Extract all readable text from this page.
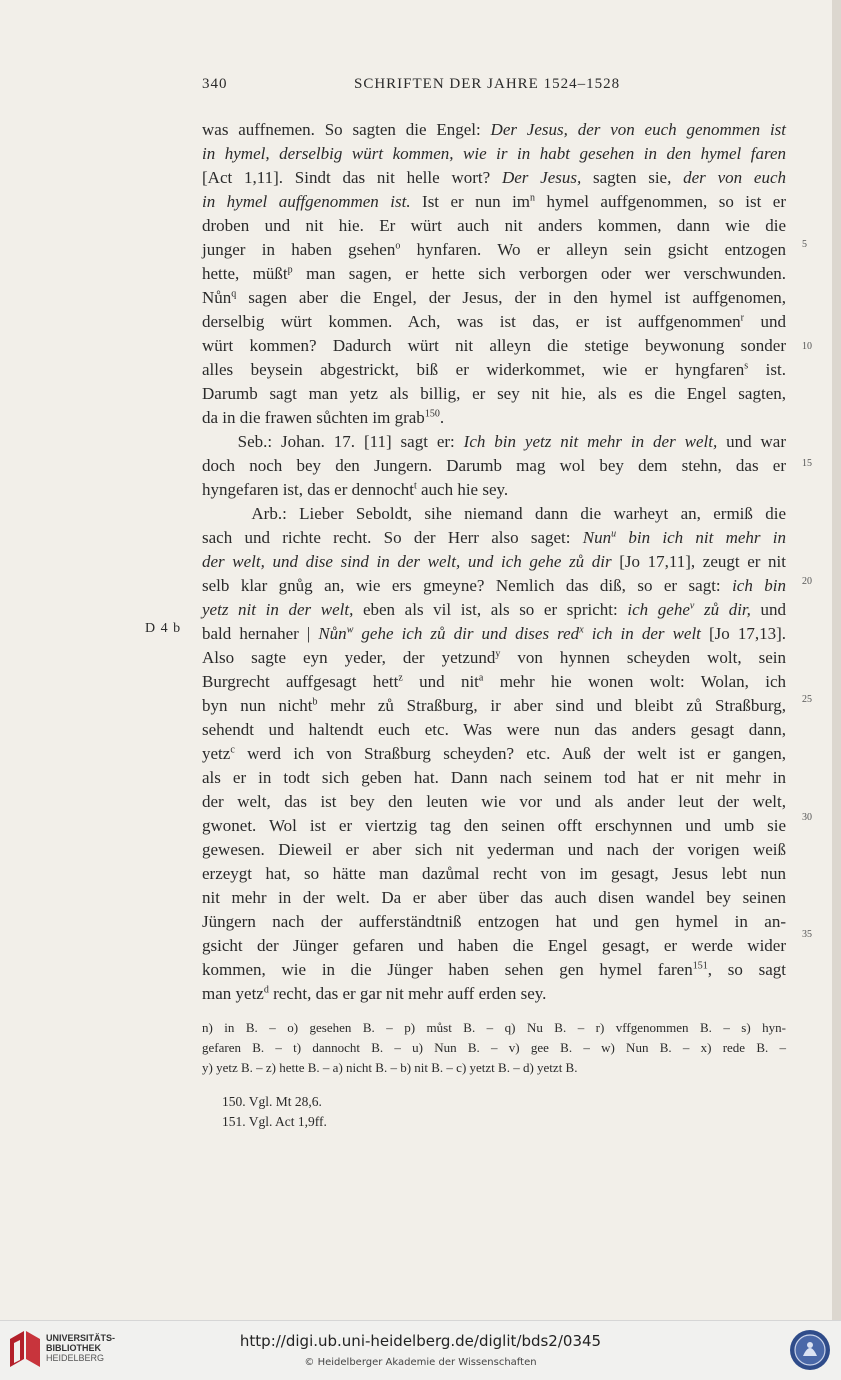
340	SCHRIFTEN DER JAHRE 1524–1528
was auffnemen. So sagten die Engel: Der Jesus, der von euch genommen ist
in hymel, derselbig würt kommen, wie ir in habt gesehen in den hymel faren
[Act 1,11]. Sindt das nit helle wort? Der Jesus, sagten sie, der von euch
in hymel auffgenommen ist. Ist er nun $im^n$ hymel auffgenommen, so ist er
droben und nit hie. Er würt auch nit anders kommen, dann wie die
junger in haben gsehen$^o$ hynfaren. Wo er alleyn sein gsicht entzogen
hette, müßt$^p$ man sagen, er hette sich verborgen oder wer verschwunden.
Nůn$^q$ sagen aber die Engel, der Jesus, der in den hymel ist auffgenomen,
derselbig würt kommen. Ach, was ist das, er ist auffgenommen$^r$ und
würt kommen? Dadurch würt nit alleyn die stetige beywonung sonder
alles beysein abgestrickt, biß er widerkommet, wie er hyngfaren$^s$ ist.
Darumb sagt man yetz als billig, er sey nit hie, als es die Engel sagten,
da in die frawen sůchten im grab$^{150}$.
Seb.: Johan. 17. [11] sagt er: Ich bin yetz nit mehr in der welt, und war
doch noch bey den Jungern. Darumb mag wol bey dem stehn, das er
hyngefaren ist, das er dennocht$^t$ auch hie sey.
Arb.: Lieber Seboldt, sihe niemand dann die warheyt an, ermiß die
sach und richte recht. So der Herr also saget: Nun$^u$ bin ich nit mehr in
der welt, und dise sind in der welt, und ich gehe zů dir [Jo 17,11], zeugt er nit
selb klar gnůg an, wie ers gmeyne? Nemlich das diß, so er sagt: ich bin
yetz nit in der welt, eben als vil ist, als so er spricht: ich gehe$^v$ zů dir, und
bald hernaher | Nůn$^w$ gehe ich zů dir und dises red$^x$ ich in der welt [Jo 17,13].
Also sagte eyn yeder, der yetzund$^y$ von hynnen scheyden wolt, sein
Burgrecht auffgesagt hett$^z$ und nit$^a$ mehr hie wonen wolt: Wolan, ich
byn nun nicht$^b$ mehr zů Straßburg, ir aber sind und bleibt zů Straßburg,
sehendt und haltendt euch etc. Was were nun das anders gesagt dann,
yetz$^c$ werd ich von Straßburg scheyden? etc. Auß der welt ist er gangen,
als er in todt sich geben hat. Dann nach seinem tod hat er nit mehr in
der welt, das ist bey den leuten wie vor und als ander leut der welt,
gwonet. Wol ist er viertzig tag den seinen offt erschynnen und umb sie
gewesen. Dieweil er aber sich nit yederman und nach der vorigen weiß
erzeygt hat, so hätte man dazůmal recht von im gesagt, Jesus lebt nun
nit mehr in der welt. Da er aber über das auch disen wandel bey seinen
Jüngern nach der aufferständtniß entzogen hat und gen hymel in an-
gsicht der Jünger gefaren und haben die Engel gesagt, er werde wider
kommen, wie in die Jünger haben sehen gen hymel faren$^{151}$, so sagt
man yetz$^d$ recht, das er gar nit mehr auff erden sey.
5
10
15
20
25
30
35
D 4 b
n) in B. – o) gesehen B. – p) můst B. – q) Nu B. – r) vffgenommen B. – s) hyn-
gefaren B. – t) dannocht B. – u) Nun B. – v) gee B. – w) Nun B. – x) rede B. –
y) yetz B. – z) hette B. – a) nicht B. – b) nit B. – c) yetzt B. – d) yetzt B.
150. Vgl. Mt 28,6.
151. Vgl. Act 1,9ff.
UNIVERSITÄTS-
BIBLIOTHEK
HEIDELBERG
http://digi.ub.uni-heidelberg.de/diglit/bds2/0345
© Heidelberger Akademie der Wissenschaften
